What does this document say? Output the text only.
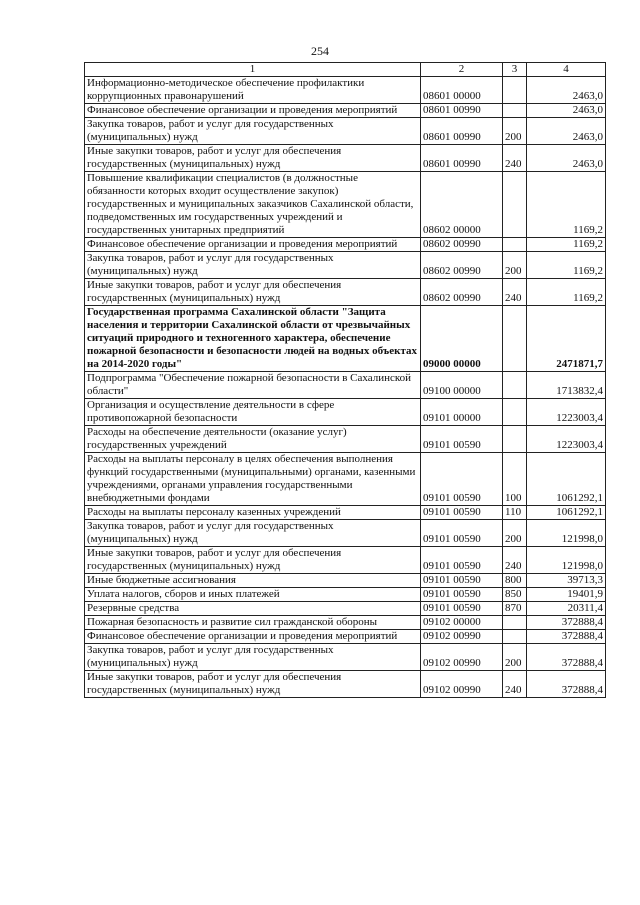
254
1	2	3	4
Информационно-методическое обеспечение профилактики коррупционных правонарушений	08601 00000		2463,0
Финансовое обеспечение организации и проведения мероприятий	08601 00990		2463,0
Закупка товаров, работ и услуг для государственных (муниципальных) нужд	08601 00990	200	2463,0
Иные закупки товаров, работ и услуг для обеспечения государственных (муниципальных) нужд	08601 00990	240	2463,0
Повышение квалификации специалистов (в должностные обязанности которых входит осуществление закупок) государственных и муниципальных заказчиков Сахалинской области, подведомственных им государственных учреждений и государственных унитарных предприятий	08602 00000		1169,2
Финансовое обеспечение организации и проведения мероприятий	08602 00990		1169,2
Закупка товаров, работ и услуг для государственных (муниципальных) нужд	08602 00990	200	1169,2
Иные закупки товаров, работ и услуг для обеспечения государственных (муниципальных) нужд	08602 00990	240	1169,2
Государственная программа Сахалинской области "Защита населения и территории Сахалинской области от чрезвычайных ситуаций природного и техногенного характера, обеспечение пожарной безопасности и безопасности людей на водных объектах на 2014-2020 годы"	09000 00000		2471871,7
Подпрограмма "Обеспечение пожарной безопасности в Сахалинской области"	09100 00000		1713832,4
Организация и осуществление деятельности в сфере противопожарной безопасности	09101 00000		1223003,4
Расходы на обеспечение деятельности (оказание услуг) государственных учреждений	09101 00590		1223003,4
Расходы на выплаты персоналу в целях обеспечения выполнения функций государственными (муниципальными) органами, казенными учреждениями, органами управления государственными внебюджетными фондами	09101 00590	100	1061292,1
Расходы на выплаты персоналу казенных учреждений	09101 00590	110	1061292,1
Закупка товаров, работ и услуг для государственных (муниципальных) нужд	09101 00590	200	121998,0
Иные закупки товаров, работ и услуг для обеспечения государственных (муниципальных) нужд	09101 00590	240	121998,0
Иные бюджетные ассигнования	09101 00590	800	39713,3
Уплата налогов, сборов и иных платежей	09101 00590	850	19401,9
Резервные средства	09101 00590	870	20311,4
Пожарная безопасность и развитие сил гражданской обороны	09102 00000		372888,4
Финансовое обеспечение организации и проведения мероприятий	09102 00990		372888,4
Закупка товаров, работ и услуг для государственных (муниципальных) нужд	09102 00990	200	372888,4
Иные закупки товаров, работ и услуг для обеспечения государственных (муниципальных) нужд	09102 00990	240	372888,4
